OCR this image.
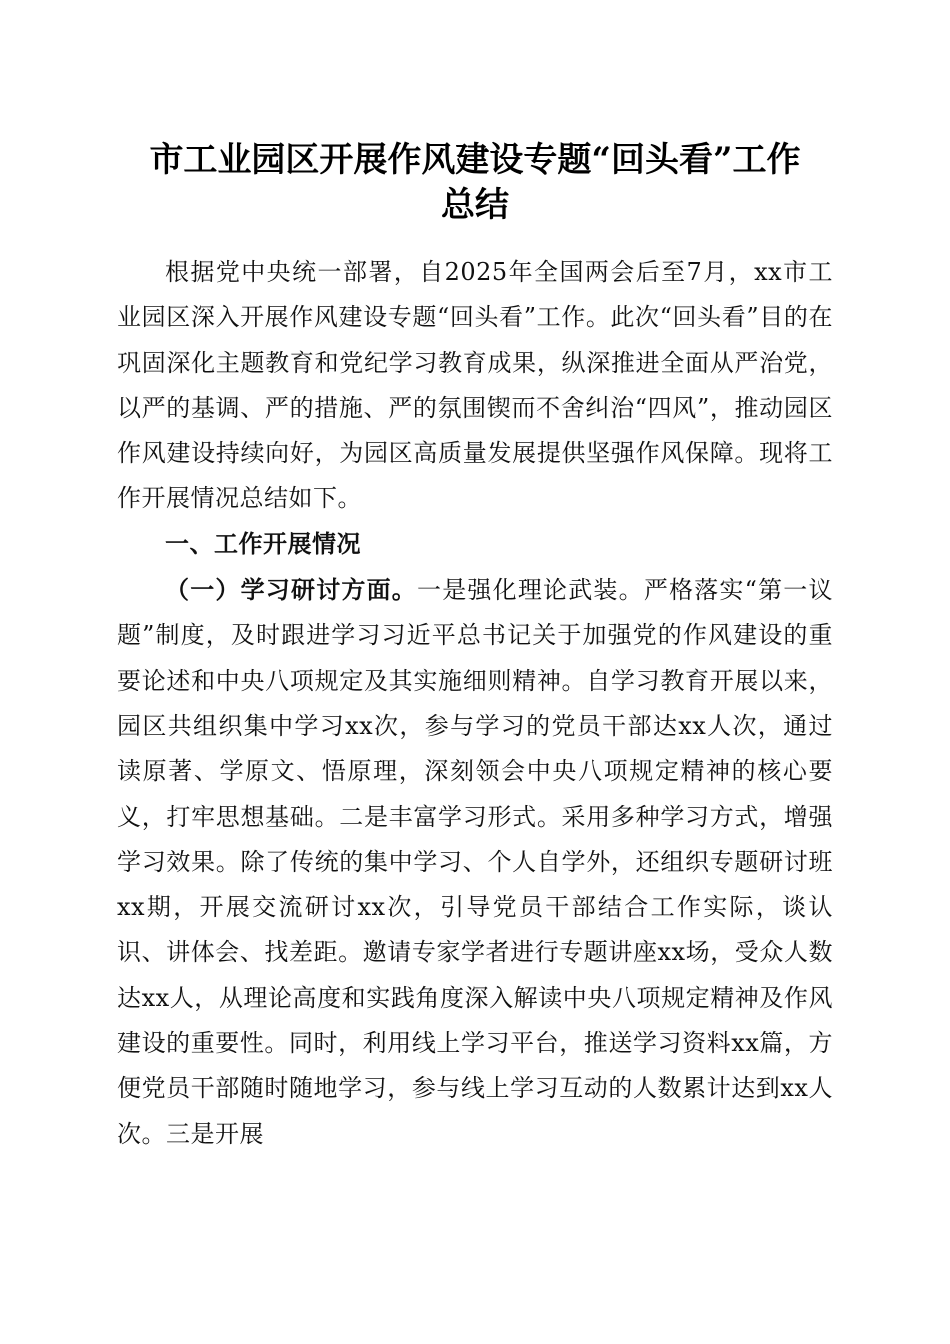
市工业园区开展作风建设专题“回头看”工作
总结

根据党中央统一部署，自2025年全国两会后至7月，xx市工业园区深入开展作风建设专题“回头看”工作。此次“回头看”目的在巩固深化主题教育和党纪学习教育成果，纵深推进全面从严治党，以严的基调、严的措施、严的氛围锲而不舍纠治“四风”，推动园区作风建设持续向好，为园区高质量发展提供坚强作风保障。现将工作开展情况总结如下。

一、工作开展情况

（一）学习研讨方面。一是强化理论武装。严格落实“第一议题”制度，及时跟进学习习近平总书记关于加强党的作风建设的重要论述和中央八项规定及其实施细则精神。自学习教育开展以来，园区共组织集中学习xx次，参与学习的党员干部达xx人次，通过读原著、学原文、悟原理，深刻领会中央八项规定精神的核心要义，打牢思想基础。二是丰富学习形式。采用多种学习方式，增强学习效果。除了传统的集中学习、个人自学外，还组织专题研讨班xx期，开展交流研讨xx次，引导党员干部结合工作实际，谈认识、讲体会、找差距。邀请专家学者进行专题讲座xx场，受众人数达xx人，从理论高度和实践角度深入解读中央八项规定精神及作风建设的重要性。同时，利用线上学习平台，推送学习资料xx篇，方便党员干部随时随地学习，参与线上学习互动的人数累计达到xx人次。三是开展
